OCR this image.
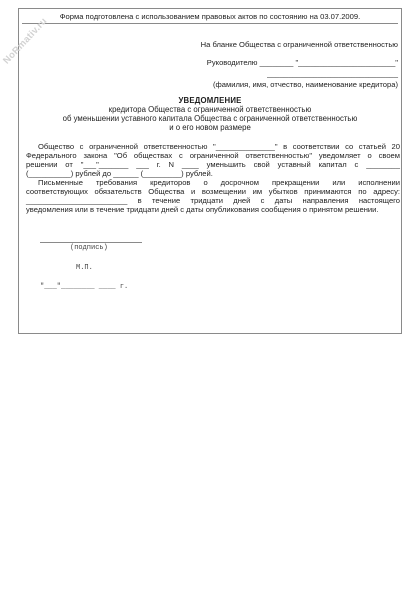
Форма подготовлена с использованием правовых актов по состоянию на 03.07.2009.
NoRmativ.ru	На бланке Общества с ограниченной ответственностью
Руководителю ________ "_______________________"
_______________________________
(фамилия, имя, отчество, наименование кредитора)
УВЕДОМЛЕНИЕ
кредитора Общества с ограниченной ответственностью
об уменьшении уставного капитала Общества с ограниченной ответственностью
и о его новом размере
Общество с ограниченной ответственностью "______________" в соответствии со статьей 20
Федерального закона "Об обществах с ограниченной ответственностью" уведомляет о своем
решении от "___"_______ ___ г. N ____ уменьшить свой уставный капитал с ________
(__________) рублей до ______ (_________) рублей.
Письменные требования кредиторов о досрочном прекращении или исполнении
соответствующих обязательств Общества и возмещении им убытков принимаются по адресу:
________________________ в течение тридцати дней с даты направления настоящего
уведомления или в течение тридцати дней с даты опубликования сообщения о принятом решении.
(подпись)
М.П.
"___"________ ____ г.
